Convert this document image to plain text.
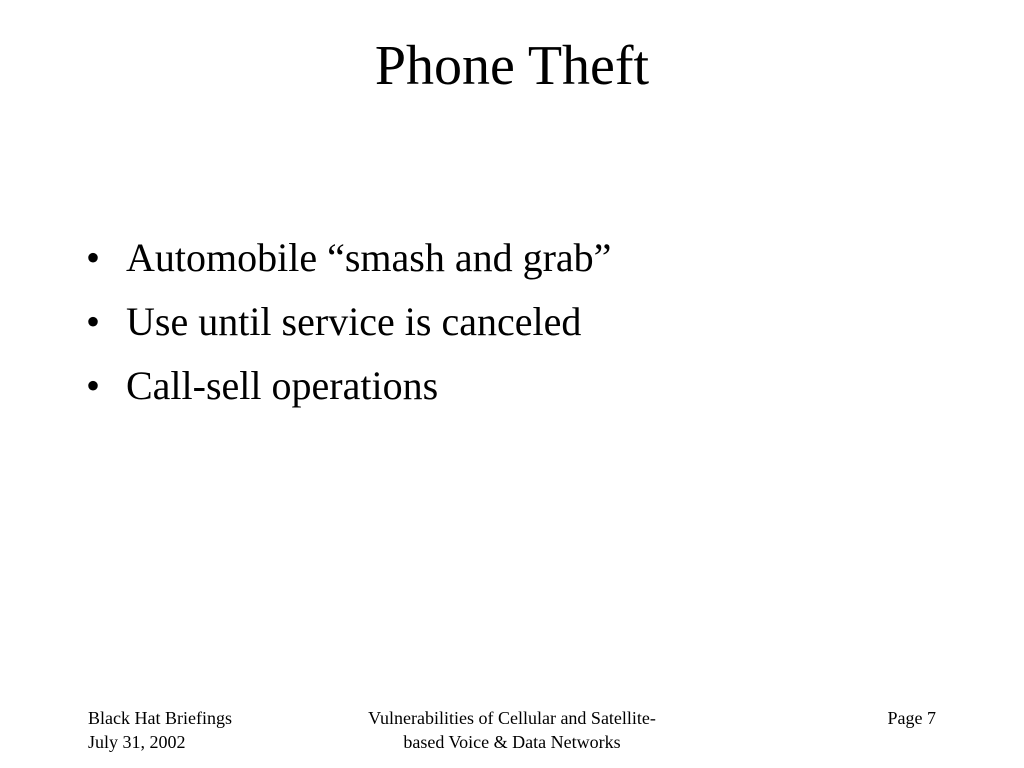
Phone Theft
• Automobile “smash and grab”
• Use until service is canceled
• Call-sell operations
Black Hat Briefings
July 31, 2002
Vulnerabilities of Cellular and Satellite-
based Voice & Data Networks
Page 7
